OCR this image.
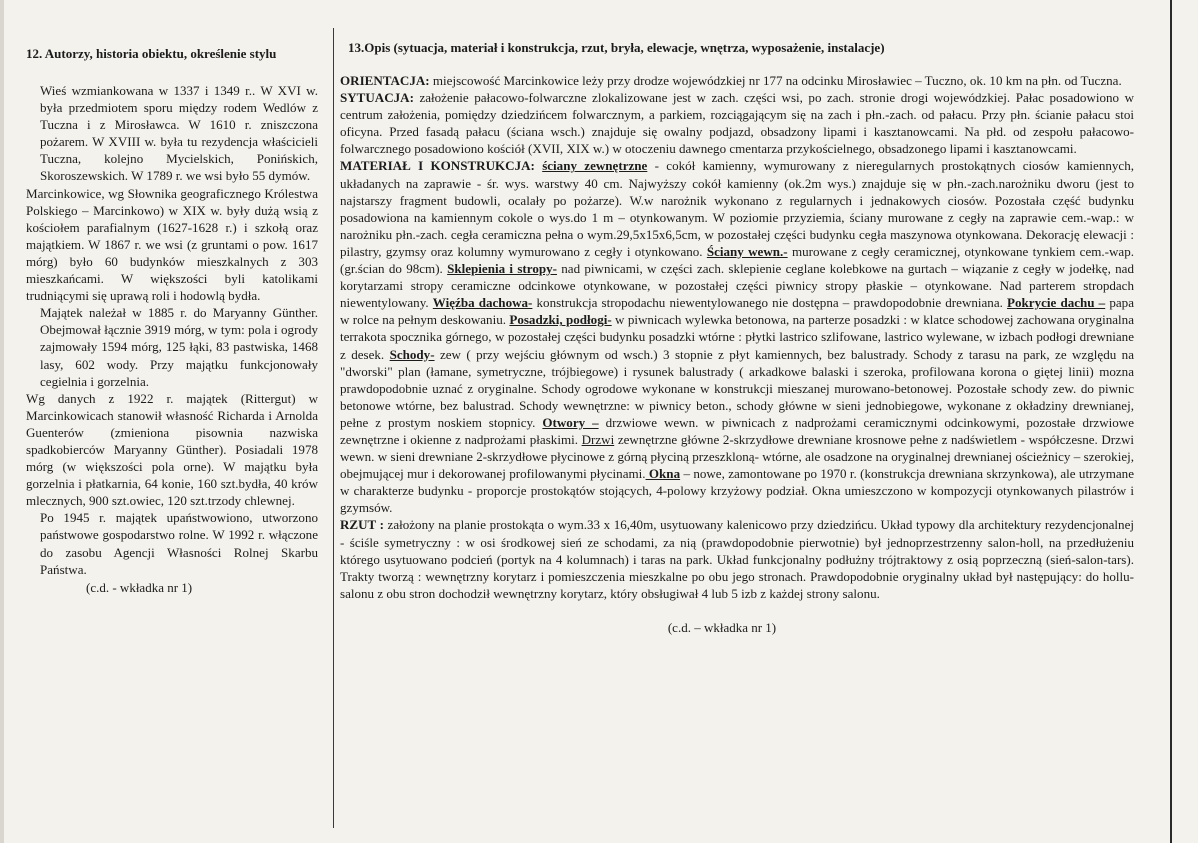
12. Autorzy, historia obiektu, określenie stylu

Wieś wzmiankowana w 1337 i 1349 r.. W XVI w. była przedmiotem sporu między rodem Wedlów z Tuczna i z Mirosławca. W 1610 r. zniszczona pożarem. W XVIII w. była tu rezydencja właścicieli Tuczna, kolejno Mycielskich, Ponińskich, Skoroszewskich. W 1789 r. we wsi było 55 dymów.

Marcinkowice, wg Słownika geograficznego Królestwa Polskiego – Marcinkowo) w XIX w. były dużą wsią z kościołem parafialnym (1627-1628 r.) i szkołą oraz majątkiem. W 1867 r. we wsi (z gruntami o pow. 1617 mórg) było 60 budynków mieszkalnych z 303 mieszkańcami. W większości byli katolikami trudniącymi się uprawą roli i hodowlą bydła.

Majątek należał w 1885 r. do Maryanny Günther. Obejmował łącznie 3919 mórg, w tym: pola i ogrody zajmowały 1594 mórg, 125 łąki, 83 pastwiska, 1468 lasy, 602 wody. Przy majątku funkcjonowały cegielnia i gorzelnia.

Wg danych z 1922 r. majątek (Rittergut) w Marcinkowicach stanowił własność Richarda i Arnolda Guenterów (zmieniona pisownia nazwiska spadkobierców Maryanny Günther). Posiadali 1978 mórg (w większości pola orne). W majątku była gorzelnia i płatkarnia, 64 konie, 160 szt.bydła, 40 krów mlecznych, 900 szt.owiec, 120 szt.trzody chlewnej.

Po 1945 r. majątek upaństwowiono, utworzono państwowe gospodarstwo rolne. W 1992 r. włączone do zasobu Agencji Własności Rolnej Skarbu Państwa.

(c.d. - wkładka nr 1)
13.Opis (sytuacja, materiał i konstrukcja, rzut, bryła, elewacje, wnętrza, wyposażenie, instalacje)

ORIENTACJA: miejscowość Marcinkowice leży przy drodze wojewódzkiej nr 177 na odcinku Mirosławiec – Tuczno, ok. 10 km na płn. od Tuczna.

SYTUACJA: założenie pałacowo-folwarczne zlokalizowane jest w zach. części wsi, po zach. stronie drogi wojewódzkiej. Pałac posadowiono w centrum założenia, pomiędzy dziedzińcem folwarcznym, a parkiem, rozciągającym się na zach i płn.-zach. od pałacu. Przy płn. ścianie pałacu stoi oficyna. Przed fasadą pałacu (ściana wsch.) znajduje się owalny podjazd, obsadzony lipami i kasztanowcami. Na płd. od zespołu pałacowo-folwarcznego posadowiono kościół (XVII, XIX w.) w otoczeniu dawnego cmentarza przykościelnego, obsadzonego lipami i kasztanowcami.

MATERIAŁ I KONSTRUKCJA: ściany zewnętrzne - cokół kamienny, wymurowany z nieregularnych prostokątnych ciosów kamiennych, układanych na zaprawie - śr. wys. warstwy 40 cm. Najwyższy cokół kamienny (ok.2m wys.) znajduje się w płn.-zach.narożniku dworu (jest to najstarszy fragment budowli, ocalały po pożarze). W.w narożnik wykonano z regularnych i jednakowych ciosów. Pozostała część budynku posadowiona na kamiennym cokole o wys.do 1 m – otynkowanym. W poziomie przyziemia, ściany murowane z cegły na zaprawie cem.-wap.: w narożniku płn.-zach. cegła ceramiczna pełna o wym.29,5x15x6,5cm, w pozostałej części budynku cegła maszynowa otynkowana. Dekorację elewacji : pilastry, gzymsy oraz kolumny wymurowano z cegły i otynkowano. Ściany wewn.- murowane z cegły ceramicznej, otynkowane tynkiem cem.-wap.(gr.ścian do 98cm). Sklepienia i stropy- nad piwnicami, w części zach. sklepienie ceglane kolebkowe na gurtach – wiązanie z cegły w jodełkę, nad korytarzami stropy ceramiczne odcinkowe otynkowane, w pozostałej części piwnicy stropy płaskie – otynkowane. Nad parterem stropdach niewentylowany. Więźba dachowa- konstrukcja stropodachu niewentylowanego nie dostępna – prawdopodobnie drewniana. Pokrycie dachu – papa w rolce na pełnym deskowaniu. Posadzki, podłogi- w piwnicach wylewka betonowa, na parterze posadzki : w klatce schodowej zachowana oryginalna terrakota spocznika górnego, w pozostałej części budynku posadzki wtórne : płytki lastrico szlifowane, lastrico wylewane, w izbach podłogi drewniane z desek. Schody- zew ( przy wejściu głównym od wsch.) 3 stopnie z płyt kamiennych, bez balustrady. Schody z tarasu na park, ze względu na "dworski" plan (łamane, symetryczne, trójbiegowe) i rysunek balustrady ( arkadkowe balaski i szeroka, profilowana korona o giętej linii) mozna prawdopodobnie uznać z oryginalne. Schody ogrodowe wykonane w konstrukcji mieszanej murowano-betonowej. Pozostałe schody zew. do piwnic betonowe wtórne, bez balustrad. Schody wewnętrzne: w piwnicy beton., schody główne w sieni jednobiegowe, wykonane z okładziny drewnianej, pełne z prostym noskiem stopnicy. Otwory – drzwiowe wewn. w piwnicach z nadprożami ceramicznymi odcinkowymi, pozostałe drzwiowe zewnętrzne i okienne z nadprożami płaskimi. Drzwi zewnętrzne główne 2-skrzydłowe drewniane krosnowe pełne z nadświetlem - współczesne. Drzwi wewn. w sieni drewniane 2-skrzydłowe płycinowe z górną płyciną przeszkloną- wtórne, ale osadzone na oryginalnej drewnianej ościeżnicy – szerokiej, obejmującej mur i dekorowanej profilowanymi płycinami. Okna – nowe, zamontowane po 1970 r. (konstrukcja drewniana skrzynkowa), ale utrzymane w charakterze budynku - proporcje prostokątów stojących, 4-polowy krzyżowy podział. Okna umieszczono w kompozycji otynkowanych pilastrów i gzymsów.

RZUT : założony na planie prostokąta o wym.33 x 16,40m, usytuowany kalenicowo przy dziedzińcu. Układ typowy dla architektury rezydencjonalnej - ściśle symetryczny : w osi środkowej sień ze schodami, za nią (prawdopodobnie pierwotnie) był jednoprzestrzenny salon-holl, na przedłużeniu którego usytuowano podcień (portyk na 4 kolumnach) i taras na park. Układ funkcjonalny podłużny trójtraktowy z osią poprzeczną (sień-salon-tars). Trakty tworzą : wewnętrzny korytarz i pomieszczenia mieszkalne po obu jego stronach. Prawdopodobnie oryginalny układ był następujący: do hollu-salonu z obu stron dochodził wewnętrzny korytarz, który obsługiwał 4 lub 5 izb z każdej strony salonu.

(c.d. – wkładka nr 1)
